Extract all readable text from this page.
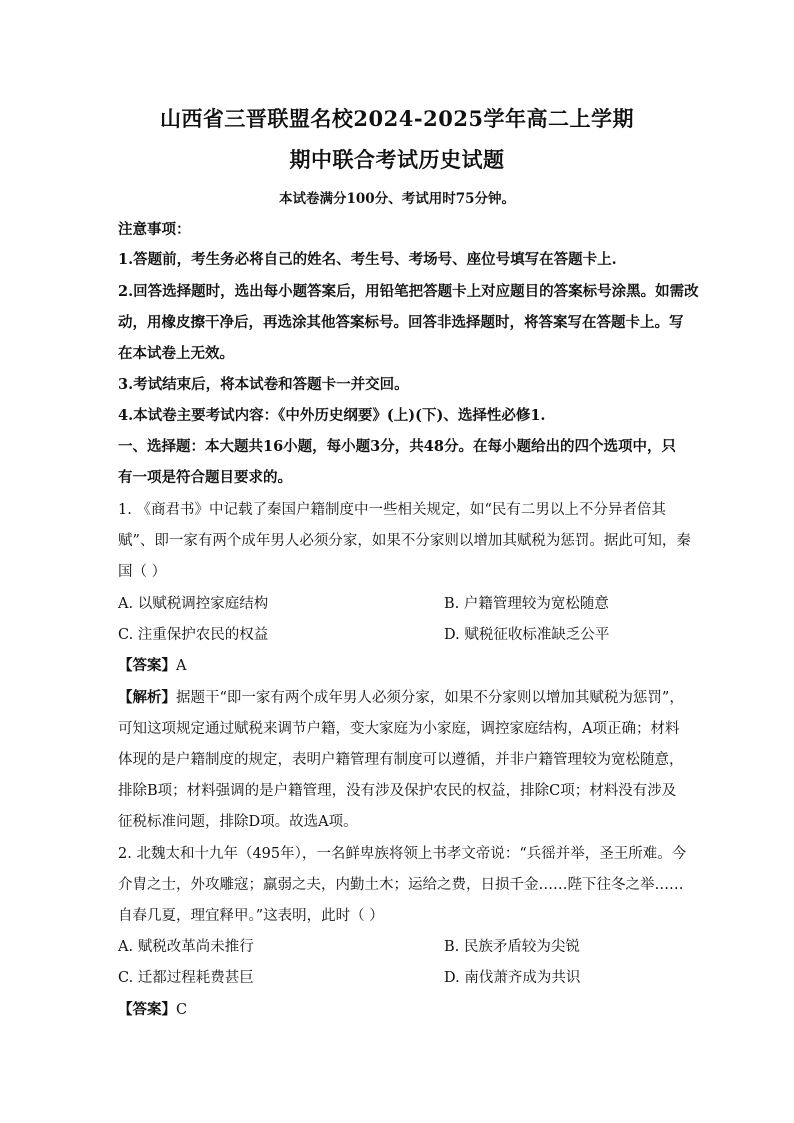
山西省三晋联盟名校2024-2025学年高二上学期
期中联合考试历史试题
本试卷满分100分、考试用时75分钟。
注意事项：
1.答题前，考生务必将自己的姓名、考生号、考场号、座位号填写在答题卡上.
2.回答选择题时，选出每小题答案后，用铅笔把答题卡上对应题目的答案标号涂黑。如需改
动，用橡皮擦干净后，再选涂其他答案标号。回答非选择题时，将答案写在答题卡上。写
在本试卷上无效。
3.考试结束后，将本试卷和答题卡一并交回。
4.本试卷主要考试内容：《中外历史纲要》(上)(下)、选择性必修1.
一、选择题：本大题共16小题，每小题3分，共48分。在每小题给出的四个选项中，只
有一项是符合题目要求的。
1. 《商君书》中记载了秦国户籍制度中一些相关规定，如“民有二男以上不分异者倍其
赋”、即一家有两个成年男人必须分家，如果不分家则以增加其赋税为惩罚。据此可知，秦
国（ ）
A. 以赋税调控家庭结构	B. 户籍管理较为宽松随意
C. 注重保护农民的权益	D. 赋税征收标准缺乏公平
【答案】A
【解析】据题干“即一家有两个成年男人必须分家，如果不分家则以增加其赋税为惩罚”，
可知这项规定通过赋税来调节户籍，变大家庭为小家庭，调控家庭结构，A项正确；材料
体现的是户籍制度的规定，表明户籍管理有制度可以遵循，并非户籍管理较为宽松随意，
排除B项；材料强调的是户籍管理，没有涉及保护农民的权益，排除C项；材料没有涉及
征税标准问题，排除D项。故选A项。
2. 北魏太和十九年（495年），一名鲜卑族将领上书孝文帝说：“兵徭并举，圣王所难。今
介胄之士，外攻雕寇；羸弱之夫，内勤土木；运给之费，日损千金……陛下往冬之举……
自春几夏，理宜释甲。”这表明，此时（ ）
A. 赋税改革尚未推行	B. 民族矛盾较为尖锐
C. 迁都过程耗费甚巨	D. 南伐萧齐成为共识
【答案】C
